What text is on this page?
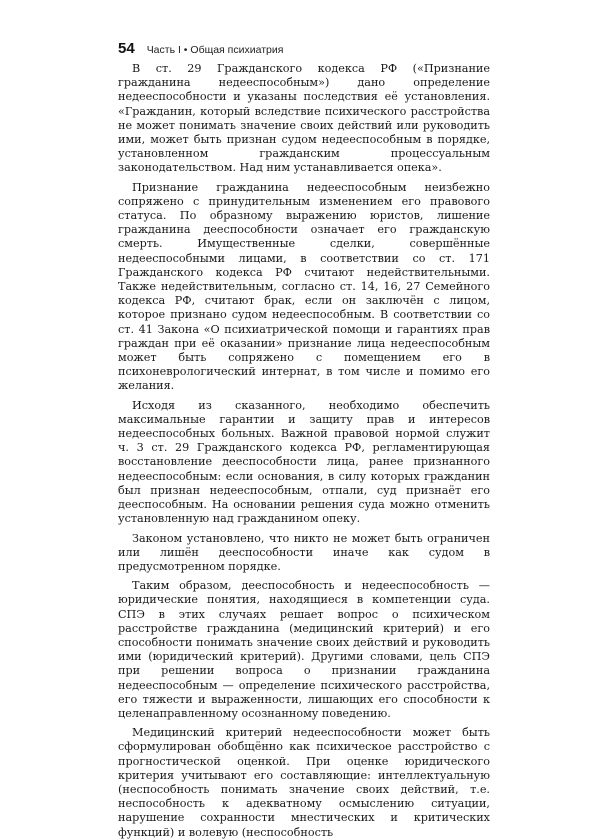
54 Часть I • Общая психиатрия

В ст. 29 Гражданского кодекса РФ («Признание гражданина недееспособным») дано определение недееспособности и указаны последствия её установления. «Гражданин, который вследствие психического расстройства не может понимать значение своих действий или руководить ими, может быть признан судом недееспособным в порядке, установленном гражданским процессуальным законодательством. Над ним устанавливается опека».

Признание гражданина недееспособным неизбежно сопряжено с принудительным изменением его правового статуса. По образному выражению юристов, лишение гражданина дееспособности означает его гражданскую смерть. Имущественные сделки, совершённые недееспособными лицами, в соответствии со ст. 171 Гражданского кодекса РФ считают недействительными. Также недействительным, согласно ст. 14, 16, 27 Семейного кодекса РФ, считают брак, если он заключён с лицом, которое признано судом недееспособным. В соответствии со ст. 41 Закона «О психиатрической помощи и гарантиях прав граждан при её оказании» признание лица недееспособным может быть сопряжено с помещением его в психоневрологический интернат, в том числе и помимо его желания.

Исходя из сказанного, необходимо обеспечить максимальные гарантии и защиту прав и интересов недееспособных больных. Важной правовой нормой служит ч. 3 ст. 29 Гражданского кодекса РФ, регламентирующая восстановление дееспособности лица, ранее признанного недееспособным: если основания, в силу которых гражданин был признан недееспособным, отпали, суд признаёт его дееспособным. На основании решения суда можно отменить установленную над гражданином опеку.

Законом установлено, что никто не может быть ограничен или лишён дееспособности иначе как судом в предусмотренном порядке.

Таким образом, дееспособность и недееспособность — юридические понятия, находящиеся в компетенции суда. СПЭ в этих случаях решает вопрос о психическом расстройстве гражданина (медицинский критерий) и его способности понимать значение своих действий и руководить ими (юридический критерий). Другими словами, цель СПЭ при решении вопроса о признании гражданина недееспособным — определение психического расстройства, его тяжести и выраженности, лишающих его способности к целенаправленному осознанному поведению.

Медицинский критерий недееспособности может быть сформулирован обобщённо как психическое расстройство с прогностической оценкой. При оценке юридического критерия учитывают его составляющие: интеллектуальную (неспособность понимать значение своих действий, т.е. неспособность к адекватному осмыслению ситуации, нарушение сохранности мнестических и критических функций) и волевую (неспособность
